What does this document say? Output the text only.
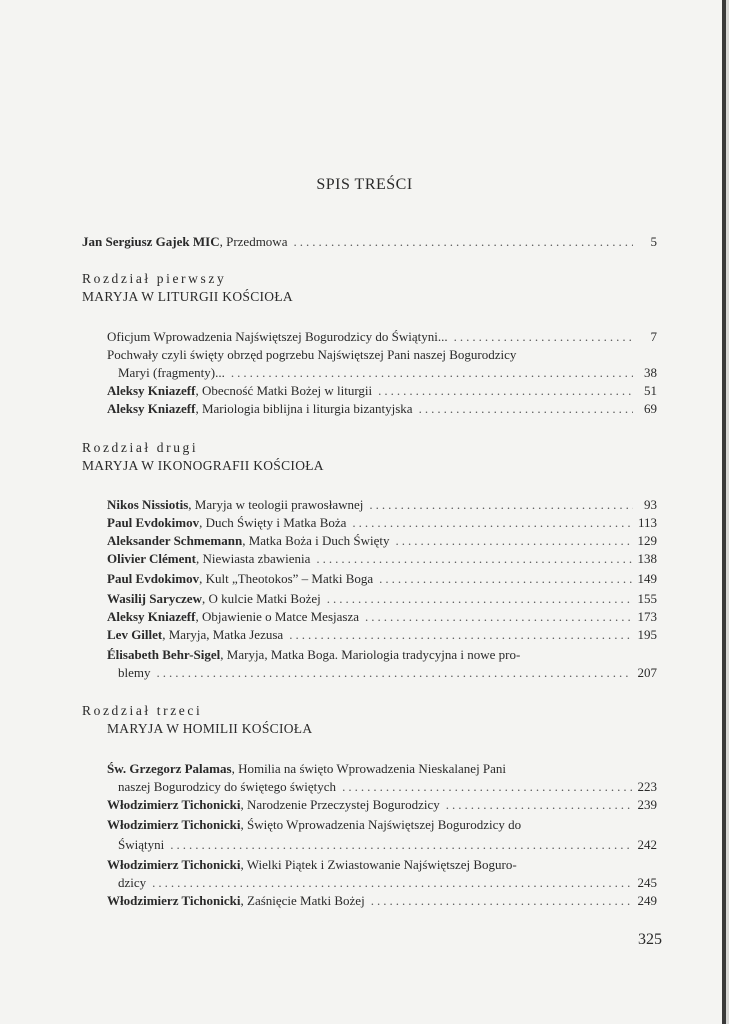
SPIS TREŚCI
Jan Sergiusz Gajek MIC, Przedmowa .....	5
Rozdział pierwszy
MARYJA W LITURGII KOŚCIOŁA
Oficjum Wprowadzenia Najświętszej Bogurodzicy do Świątyni... .....	7
Pochwały czyli święty obrzęd pogrzebu Najświętszej Pani naszej Bogurodzicy
Maryi (fragmenty)... .....	38
Aleksy Kniazeff, Obecność Matki Bożej w liturgii .....	51
Aleksy Kniazeff, Mariologia biblijna i liturgia bizantyjska .....	69
Rozdział drugi
MARYJA W IKONOGRAFII KOŚCIOŁA
Nikos Nissiotis, Maryja w teologii prawosławnej .....	93
Paul Evdokimov, Duch Święty i Matka Boża .....	113
Aleksander Schmemann, Matka Boża i Duch Święty .....	129
Olivier Clément, Niewiasta zbawienia .....	138
Paul Evdokimov, Kult „Theotokos” – Matki Boga .....	149
Wasilij Saryczew, O kulcie Matki Bożej .....	155
Aleksy Kniazeff, Objawienie o Matce Mesjasza .....	173
Lev Gillet, Maryja, Matka Jezusa .....	195
Élisabeth Behr-Sigel, Maryja, Matka Boga. Mariologia tradycyjna i nowe pro-
blemy .....	207
Rozdział trzeci
MARYJA W HOMILII KOŚCIOŁA
Św. Grzegorz Palamas, Homilia na święto Wprowadzenia Nieskalanej Pani
naszej Bogurodzicy do świętego świętych .....	223
Włodzimierz Tichonicki, Narodzenie Przeczystej Bogurodzicy .....	239
Włodzimierz Tichonicki, Święto Wprowadzenia Najświętszej Bogurodzicy do
Świątyni .....	242
Włodzimierz Tichonicki, Wielki Piątek i Zwiastowanie Najświętszej Boguro-
dzicy .....	245
Włodzimierz Tichonicki, Zaśnięcie Matki Bożej .....	249
325
